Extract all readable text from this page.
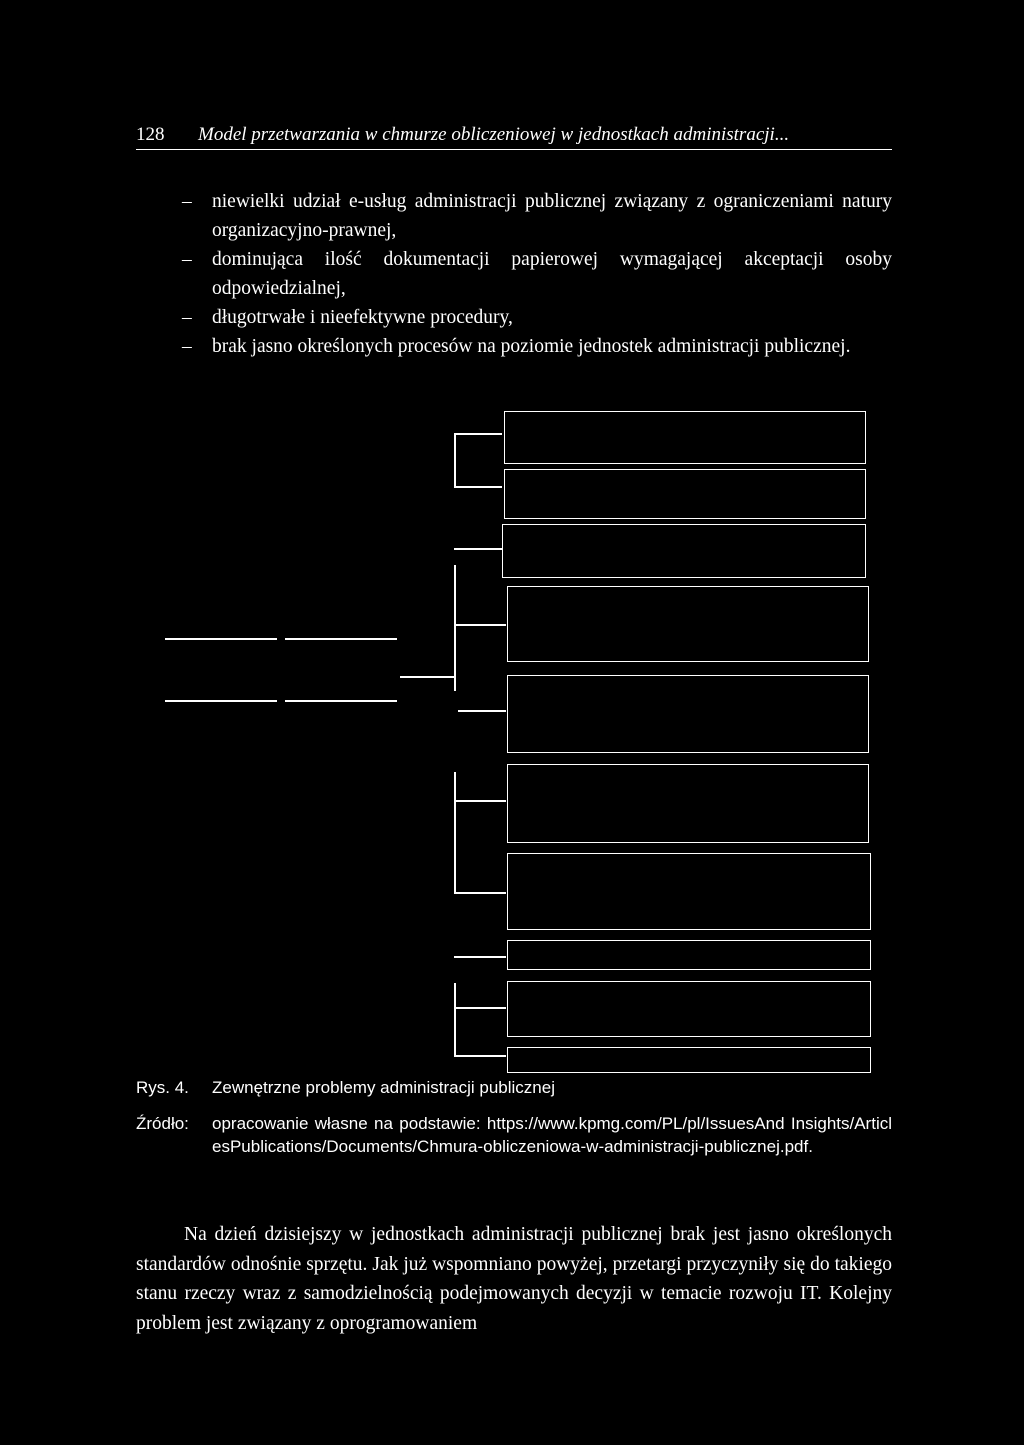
128 Model przetwarzania w chmurze obliczeniowej w jednostkach administracji...
– niewielki udział e-usług administracji publicznej związany z ograniczeniami natury organizacyjno-prawnej,
– dominująca ilość dokumentacji papierowej wymagającej akceptacji osoby odpowiedzialnej,
– długotrwałe i nieefektywne procedury,
– brak jasno określonych procesów na poziomie jednostek administracji publicznej.
Rys. 4. Zewnętrzne problemy administracji publicznej
Źródło: opracowanie własne na podstawie: https://www.kpmg.com/PL/pl/IssuesAnd Insights/ArticlesPublications/Documents/Chmura-obliczeniowa-w-administracji-publicznej.pdf.

Na dzień dzisiejszy w jednostkach administracji publicznej brak jest jasno określonych standardów odnośnie sprzętu. Jak już wspomniano powyżej, przetargi przyczyniły się do takiego stanu rzeczy wraz z samodzielnością podejmowanych decyzji w temacie rozwoju IT. Kolejny problem jest związany z oprogramowaniem
